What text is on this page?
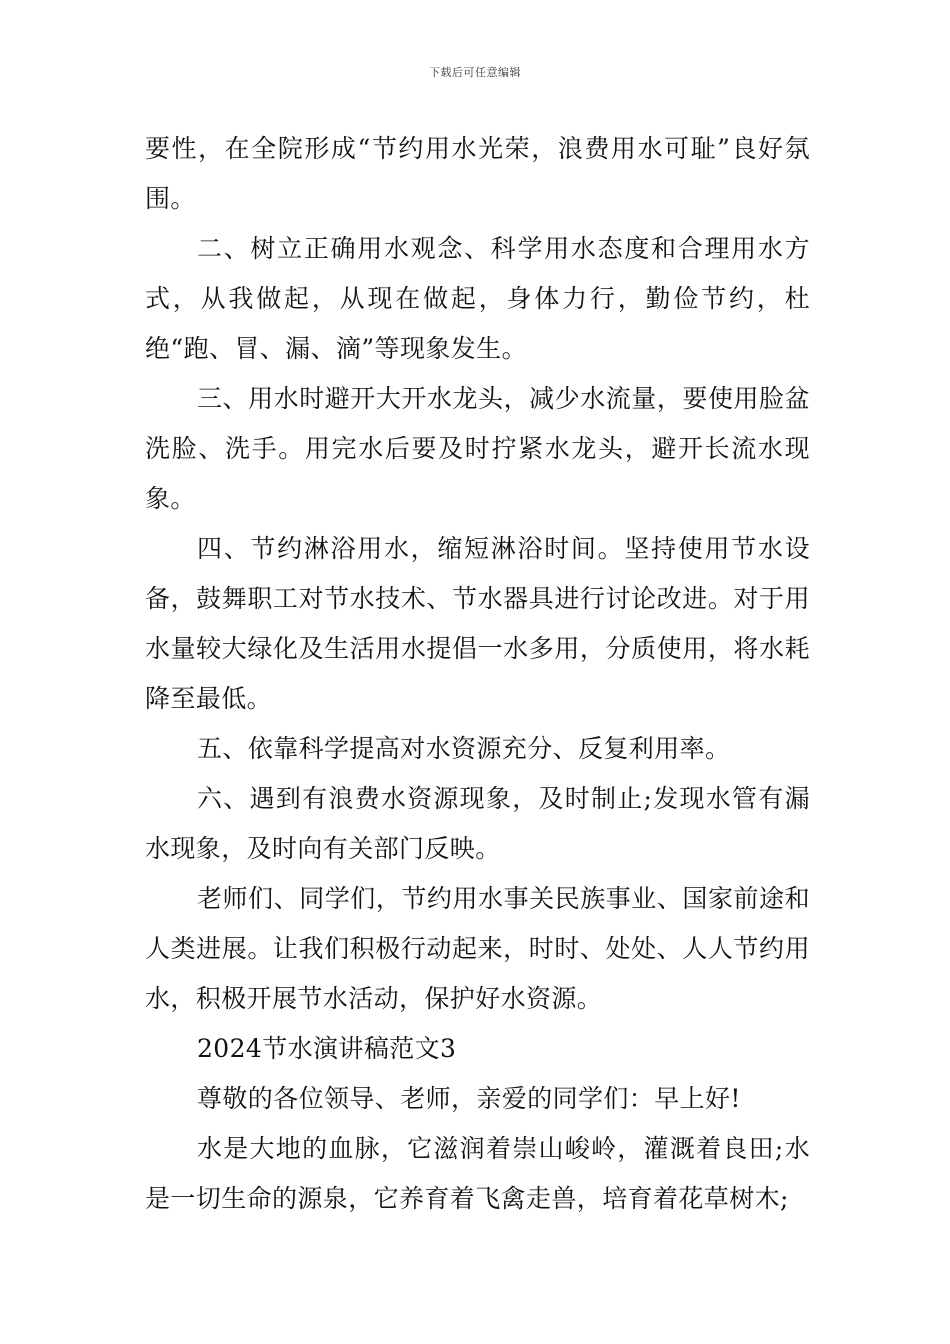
下载后可任意编辑

要性，在全院形成“节约用水光荣，浪费用水可耻”良好氛围。

二、树立正确用水观念、科学用水态度和合理用水方式，从我做起，从现在做起，身体力行，勤俭节约，杜绝“跑、冒、漏、滴”等现象发生。

三、用水时避开大开水龙头，减少水流量，要使用脸盆洗脸、洗手。用完水后要及时拧紧水龙头，避开长流水现象。

四、节约淋浴用水，缩短淋浴时间。坚持使用节水设备，鼓舞职工对节水技术、节水器具进行讨论改进。对于用水量较大绿化及生活用水提倡一水多用，分质使用，将水耗降至最低。

五、依靠科学提高对水资源充分、反复利用率。

六、遇到有浪费水资源现象，及时制止;发现水管有漏水现象，及时向有关部门反映。

老师们、同学们，节约用水事关民族事业、国家前途和人类进展。让我们积极行动起来，时时、处处、人人节约用水，积极开展节水活动，保护好水资源。

2024节水演讲稿范文3

尊敬的各位领导、老师，亲爱的同学们：早上好!

水是大地的血脉，它滋润着崇山峻岭，灌溉着良田;水是一切生命的源泉，它养育着飞禽走兽，培育着花草树木;
